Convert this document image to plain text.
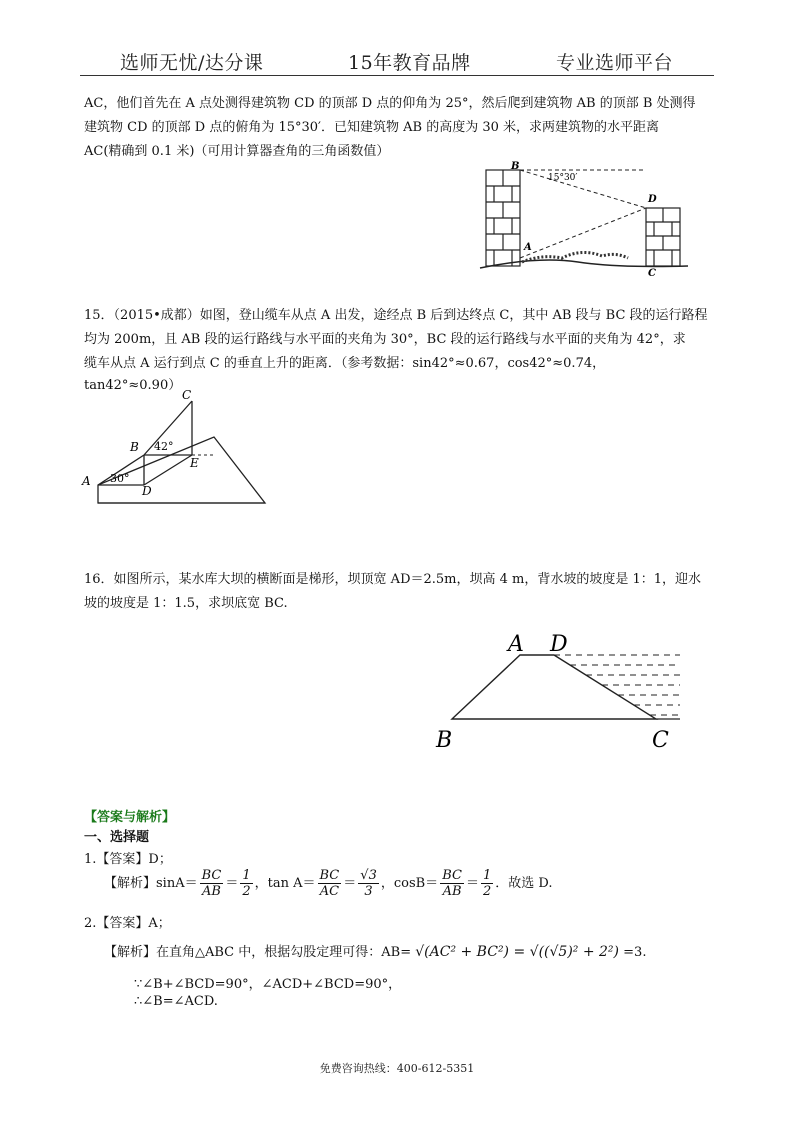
选师无忧/达分课	15年教育品牌	专业选师平台
AC，他们首先在 A 点处测得建筑物 CD 的顶部 D 点的仰角为 25°，然后爬到建筑物 AB 的顶部 B 处测得
建筑物 CD 的顶部 D 点的俯角为 15°30′．已知建筑物 AB 的高度为 30 米，求两建筑物的水平距离
AC(精确到 0.1 米)（可用计算器查角的三角函数值）
B
D
A
C
15°30′
15．（2015•成都）如图，登山缆车从点 A 出发，途经点 B 后到达终点 C，其中 AB 段与 BC 段的运行路程
均为 200m，且 AB 段的运行路线与水平面的夹角为 30°，BC 段的运行路线与水平面的夹角为 42°，求
缆车从点 A 运行到点 C 的垂直上升的距离．（参考数据：sin42°≈0.67，cos42°≈0.74，
tan42°≈0.90）
A
B
C
D
E
30°
42°
16．如图所示，某水库大坝的横断面是梯形，坝顶宽 AD＝2.5m，坝高 4 m，背水坡的坡度是 1：1，迎水
坡的坡度是 1：1.5，求坝底宽 BC.
A D
B	C
【答案与解析】
一、选择题
1.【答案】D；
【解析】$\sin A= \frac{BC}{AB} = \frac{1}{2}$ ，$\tan A= \frac{BC}{AC} = \frac{√3}{3}$ ，$\cos B= \frac{BC}{AB} = \frac{1}{2}$ ．故选 D.
2.【答案】A；
【解析】在直角△ABC 中，根据勾股定理可得：AB= √(AC² + BC²) = √((√5)² + 2²) =3.
∵∠B+∠BCD=90°，∠ACD+∠BCD=90°，
∴∠B=∠ACD.
免费咨询热线：400-612-5351
